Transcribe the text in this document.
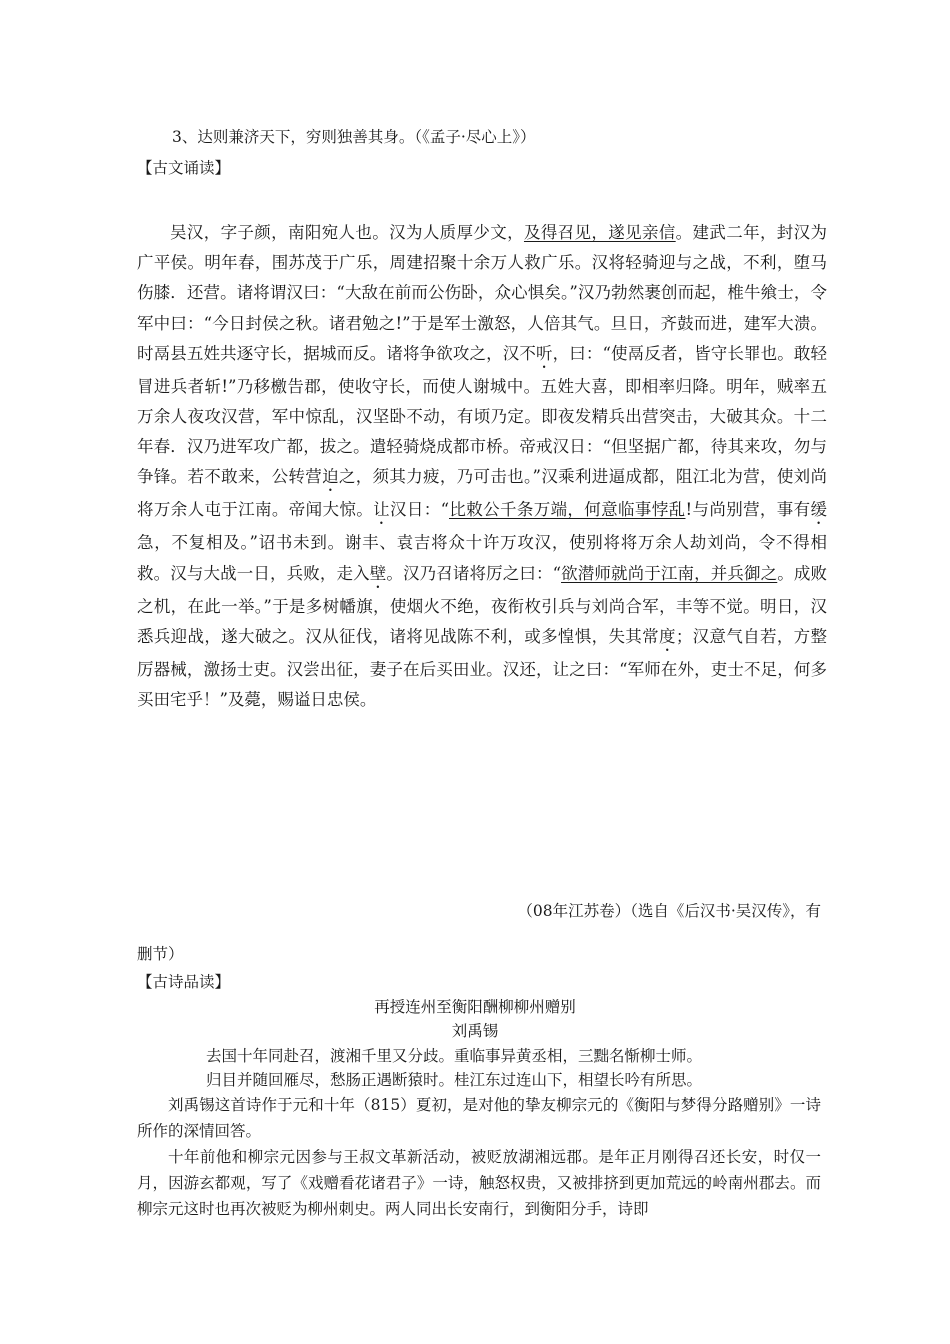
3、达则兼济天下，穷则独善其身。（《孟子·尽心上》）
【古文诵读】

吴汉，字子颜，南阳宛人也。汉为人质厚少文，及得召见，遂见亲信。建武二年，封汉为广平侯。明年春，围苏茂于广乐，周建招聚十余万人救广乐。汉将轻骑迎与之战，不利，堕马伤膝．还营。诸将谓汉曰：“大敌在前而公伤卧，众心惧矣。”汉乃勃然裹创而起，椎牛飨士，令军中曰：“今日封侯之秋。诸君勉之!”于是军士激怒，人倍其气。旦日，齐鼓而进，建军大溃。时鬲县五姓共逐守长，据城而反。诸将争欲攻之，汉不听，曰：“使鬲反者，皆守长罪也。敢轻冒进兵者斩!”乃移檄告郡，使收守长，而使人谢城中。五姓大喜，即相率归降。明年，贼率五万余人夜攻汉营，军中惊乱，汉坚卧不动，有顷乃定。即夜发精兵出营突击，大破其众。十二年春．汉乃进军攻广都，拔之。遣轻骑烧成都市桥。帝戒汉日：“但坚据广都，待其来攻，勿与争锋。若不敢来，公转营迫之，须其力疲，乃可击也。”汉乘利进逼成都，阻江北为营，使刘尚将万余人屯于江南。帝闻大惊。让汉日：“比敕公千条万端，何意临事悖乱!与尚别营，事有缓急，不复相及。”诏书未到。谢丰、袁吉将众十许万攻汉，使别将将万余人劫刘尚，令不得相救。汉与大战一日，兵败，走入壁。汉乃召诸将厉之曰：“欲潜师就尚于江南，并兵御之。成败之机，在此一举。”于是多树幡旗，使烟火不绝，夜衔枚引兵与刘尚合军，丰等不觉。明日，汉悉兵迎战，遂大破之。汉从征伐，诸将见战陈不利，或多惶惧，失其常度；汉意气自若，方整厉器械，激扬士吏。汉尝出征，妻子在后买田业。汉还，让之曰：“军师在外，吏士不足，何多买田宅乎！”及薨，赐谥日忠侯。

（08年江苏卷）（选自《后汉书·吴汉传》，有
删节）
【古诗品读】
再授连州至衡阳酬柳柳州赠别
刘禹锡
去国十年同赴召，渡湘千里又分歧。重临事异黄丞相，三黜名惭柳士师。
归目并随回雁尽，愁肠正遇断猿时。桂江东过连山下，相望长吟有所思。

刘禹锡这首诗作于元和十年（815）夏初，是对他的挚友柳宗元的《衡阳与梦得分路赠别》一诗所作的深情回答。

十年前他和柳宗元因参与王叔文革新活动，被贬放湖湘远郡。是年正月刚得召还长安，时仅一月，因游玄都观，写了《戏赠看花诸君子》一诗，触怒权贵，又被排挤到更加荒远的岭南州郡去。而柳宗元这时也再次被贬为柳州刺史。两人同出长安南行，到衡阳分手，诗即
